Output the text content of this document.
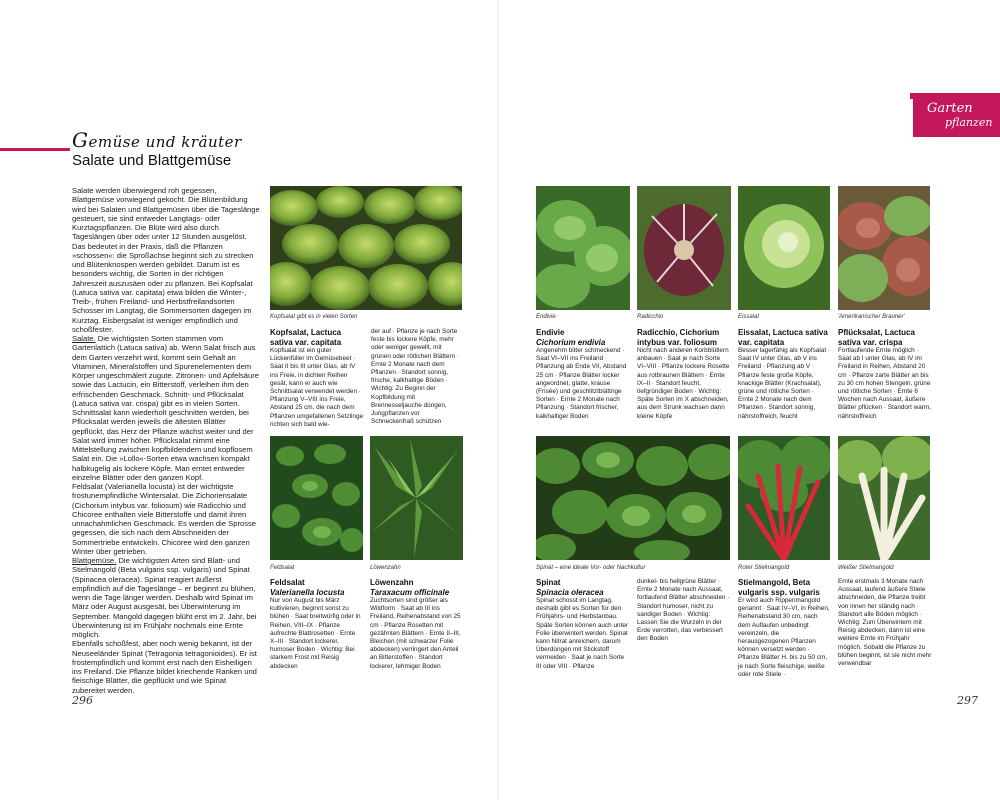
Gemüse und kräuter
Salate und Blattgemüse

Salate werden überwiegend roh gegessen, Blattgemüse vorwiegend gekocht. Die Blütenbildung wird bei Salaten und Blattgemüsen über die Tageslänge gesteuert, sie sind entweder Langtags- oder Kurztagspflanzen. Die Blüte wird also durch Tageslängen über oder unter 12 Stunden ausgelöst. Das bedeutet in der Praxis, daß die Pflanzen »schossen«: die Sproßachse beginnt sich zu strecken und Blütenknospen werden gebildet. Darum ist es besonders wichtig, die Sorten in der richtigen Jahreszeit auszusäen oder zu pflanzen. Bei Kopfsalat (Latuca sativa var. capitata) etwa bilden die Winter-, Treib-, frühen Freiland- und Herbstfreilandsorten Schosser im Langtag, die Sommersorten dagegen im Kurztag. Eisbergsalat ist weniger empfindlich und schoßfester.

Salate. Die wichtigsten Sorten stammen vom Gartenlattich (Latuca sativa) ab. Wenn Salat frisch aus dem Garten verzehrt wird, kommt sein Gehalt an Vitaminen, Mineralstoffen und Spurenelementen dem Körper ungeschmälert zugute. Zitronen- und Apfelsäure sowie das Lactucin, ein Bitterstoff, verleihen ihm den erfrischenden Geschmack. Schnitt- und Pflücksalat (Latuca sativa var. crispa) gibt es in vielen Sorten. Schnittsalat kann wiederholt geschnitten werden, bei Pflücksalat werden jeweils die ältesten Blätter gepflückt, das Herz der Pflanze wächst weiter und der Salat wird immer höher. Pflücksalat nimmt eine Mittelstellung zwischen kopfbildendem und kopflosem Salat ein. Die »Lollo«-Sorten etwa wachsen kompakt halbkugelig als lockere Köpfe. Man erntet entweder einzelne Blätter oder den ganzen Kopf.

Feldsalat (Valerianella locusta) ist der wichtigste frostunempfindliche Wintersalat. Die Zichoriensalate (Cichorium intybus var. foliosum) wie Radicchio und Chicoree enthalten viele Bitterstoffe und damit ihren unnachahmlichen Geschmack. Es werden die Sprosse gegessen, die sich nach dem Abschneiden der Sommertriebe entwickeln. Chicoree wird den ganzen Winter über getrieben.

Blattgemüse. Die wichtigsten Arten sind Blatt- und Stielmangold (Beta vulgaris ssp. vulgaris) und Spinat (Spinacea oleracea). Spinat reagiert äußerst empfindlich auf die Tageslänge – er beginnt zu blühen, wenn die Tage länger werden. Deshalb wird Spinat im März oder August ausgesät, bei Überwinterung im September. Mangold dagegen blüht erst im 2. Jahr, bei Überwinterung ist im Frühjahr nochmals eine Ernte möglich.

Ebenfalls schoßfest, aber noch wenig bekannt, ist der Neuseeländer Spinat (Tetragonia tetragonioides). Er ist frostempfindlich und kommt erst nach den Eisheiligen ins Freiland. Die Pflanze bildet kriechende Ranken und fleischige Blätter, die gepflückt und wie Spinat zubereitet werden.

296	297
Garten
pflanzen
Kopfsalat gibt es in vielen Sorten	Endivie	Radicchio	Eissalat	'Amerikanischer Brauner'
Feldsalat	Löwenzahn	Spinat – eine ideale Vor- oder Nachkultur	Roter Stielmangold	Weißer Stielmangold
Kopfsalat, Lactuca sativa var. capitata

Kopfsalat ist ein guter Lückenfüller im Gemüsebeet · Saat II bis III unter Glas, ab IV ins Freie, in dichten Reihen gesät, kann er auch wie Schnittsalat verwendet werden · Pflanzung V–VIII ins Freie, Abstand 25 cm, die nach dem Pflanzen umgefallenen Setzlinge richten sich bald wie-

der auf · Pflanze je nach Sorte feste bis lockere Köpfe, mehr oder weniger gewellt, mit grünen oder rötlichen Blättern · Ernte 2 Monate nach dem Pflanzen · Standort sonnig, frische, kalkhaltige Böden · Wichtig: Zu Beginn der Kopfbildung mit Brennesseljauche düngen, Jungpflanzen vor Schneckenfraß schützen

Endivie
Cichorium endivia

Angenehm bitter schmeckend · Saat VI–VII ins Freiland · Pflanzung ab Ende VII, Abstand 25 cm · Pflanze Blätter locker angeordnet, glatte, krause (Frisée) und geschlitztblättrige Sorten · Ernte 2 Monate nach Pflanzung · Standort frischer, kalkhaltiger Boden

Radicchio, Cichorium intybus var. foliosum

Nicht nach anderen Korbblütlern anbauen · Saat je nach Sorte VI–VIII · Pflanze lockere Rosette aus rotbraunen Blättern · Ernte IX–II · Standort feucht, tiefgründiger Boden · Wichtig: Späte Sorten im X abschneiden, aus dem Strunk wachsen dann kleine Köpfe

Eissalat, Lactuca sativa var. capitata

Besser lagerfähig als Kopfsalat · Saat IV unter Glas, ab V ins Freiland · Pflanzung ab V · Pflanze feste große Köpfe, knackige Blätter (Krachsalat), grüne und rötliche Sorten · Ernte 2 Monate nach dem Pflanzen · Standort sonnig, nährstoffreich, feucht

Pflücksalat, Lactuca sativa var. crispa

Fortlaufende Ernte möglich · Saat ab I unter Glas, ab IV im Freiland in Reihen, Abstand 20 cm · Pflanze zarte Blätter an bis zu 30 cm hohen Stengeln, grüne und rötliche Sorten · Ernte 6 Wochen nach Aussaat, äußere Blätter pflücken · Standort warm, nährstoffreich

Feldsalat
Valerianella locusta

Nur von August bis März kultivieren, beginnt sonst zu blühen · Saat breitwürfig oder in Reihen, VIII–IX · Pflanze aufrechte Blattrosetten · Ernte X–III · Standort lockerer, humoser Boden · Wichtig: Bei starkem Frost mit Reisig abdecken

Löwenzahn
Taraxacum officinale

Zuchtsorten sind größer als Wildform · Saat ab III ins Freiland, Reihenabstand von 25 cm · Pflanze Rosetten mit gezähnten Blättern · Ernte II–III, Bleichen (mit schwarzer Folie abdecken) verringert den Anteil an Bitterstoffen · Standort lockerer, lehmiger Boden

Spinat
Spinacia oleracea

Spinat schosst im Langtag, deshalb gibt es Sorten für den Frühjahrs- und Herbstanbau. Späte Sorten können auch unter Folie überwintert werden. Spinat kann Nitrat anreichern, darum Überdüngen mit Stickstoff vermeiden · Saat je nach Sorte III oder VIII · Pflanze

dunkel- bis hellgrüne Blätter · Ernte 2 Monate nach Aussaat, fortlaufend Blätter abschneiden · Standort humoser, nicht zu sandiger Boden · Wichtig: Lassen Sie die Wurzeln in der Erde verrotten, das verbessert den Boden

Stielmangold, Beta vulgaris ssp. vulgaris

Er wird auch Rippenmangold genannt · Saat IV–VI, in Reihen, Reihenabstand 30 cm, nach dem Auflaufen unbedingt vereinzeln, die herausgezogenen Pflanzen können versetzt werden · Pflanze Blätter H. bis zu 50 cm, je nach Sorte fleischige, weiße oder rote Stiele ·

Ernte erstmals 3 Monate nach Aussaat, laufend äußere Stiele abschneiden, die Pflanze treibt von innen her ständig nach · Standort alle Böden möglich · Wichtig: Zum Überwintern mit Reisig abdecken, dann ist eine weitere Ernte im Frühjahr möglich. Sobald die Pflanze zu blühen beginnt, ist sie nicht mehr verwendbar
